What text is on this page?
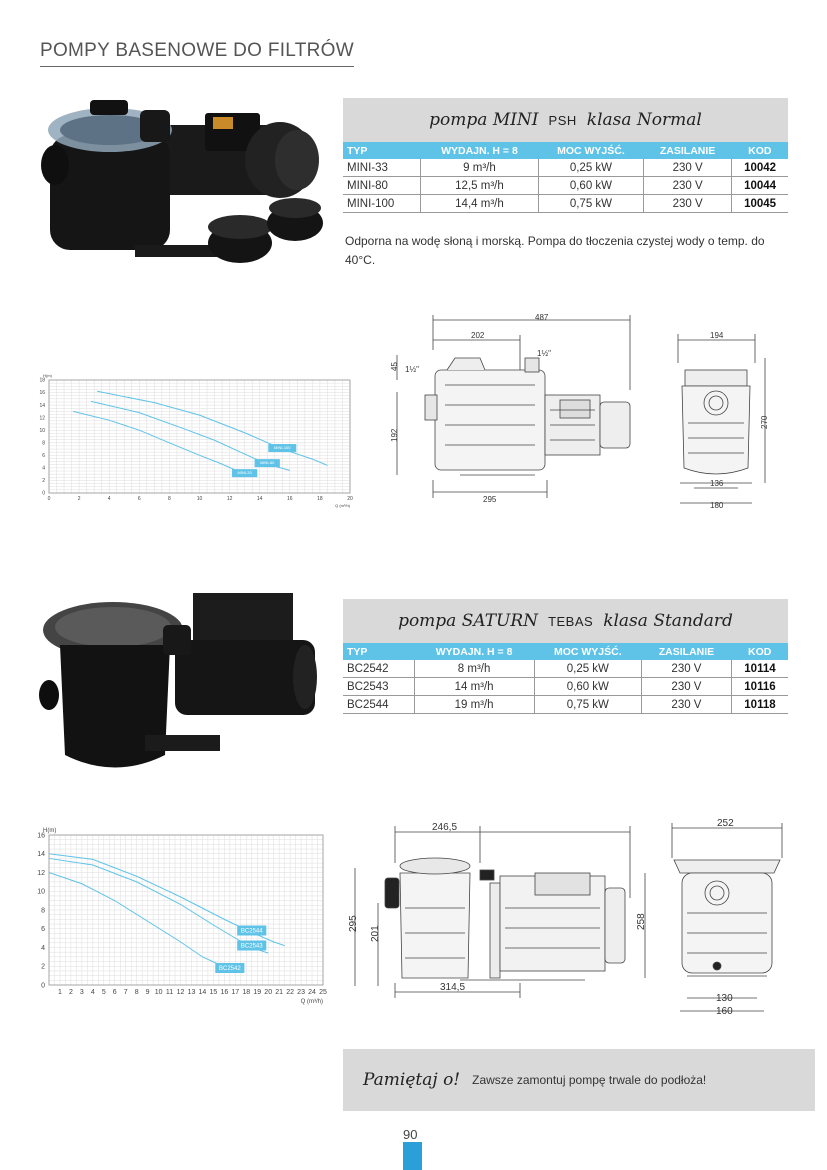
POMPY BASENOWE DO FILTRÓW
pompa MINI PSH klasa Normal
TYP	WYDAJN. H = 8	MOC WYJŚĆ.	ZASILANIE	KOD
MINI-33	9 m³/h	0,25 kW	230 V	10042
MINI-80	12,5 m³/h	0,60 kW	230 V	10044
MINI-100	14,4 m³/h	0,75 kW	230 V	10045
Odporna na wodę słoną i morską. Pompa do tłoczenia czystej wody o temp. do 40°C.
0	2	4	6	8	10	12	14	16	18	20
0
2
4
6
8
10
12
14
16
18
H(m)
Q (m³/h)
MINI-33
MINI-80
MINI-100
487
202
1½"
1½"
45
192
295
194
270
136
180
pompa SATURN TEBAS klasa Standard
TYP	WYDAJN. H = 8	MOC WYJŚĆ.	ZASILANIE	KOD
BC2542	8 m³/h	0,25 kW	230 V	10114
BC2543	14 m³/h	0,60 kW	230 V	10116
BC2544	19 m³/h	0,75 kW	230 V	10118
1 2 3 4 5 6 7 8 9 10 11 12 13 14 15 16 17 18 19 20 21 22 23 24 25
0
2
4
6
8
10
12
14
16
H(m)
Q (m³/h)
BC2542
BC2543
BC2544
246,5
295
201
258
314,5
252
130
160
Pamiętaj o! Zawsze zamontuj pompę trwale do podłoża!
90
